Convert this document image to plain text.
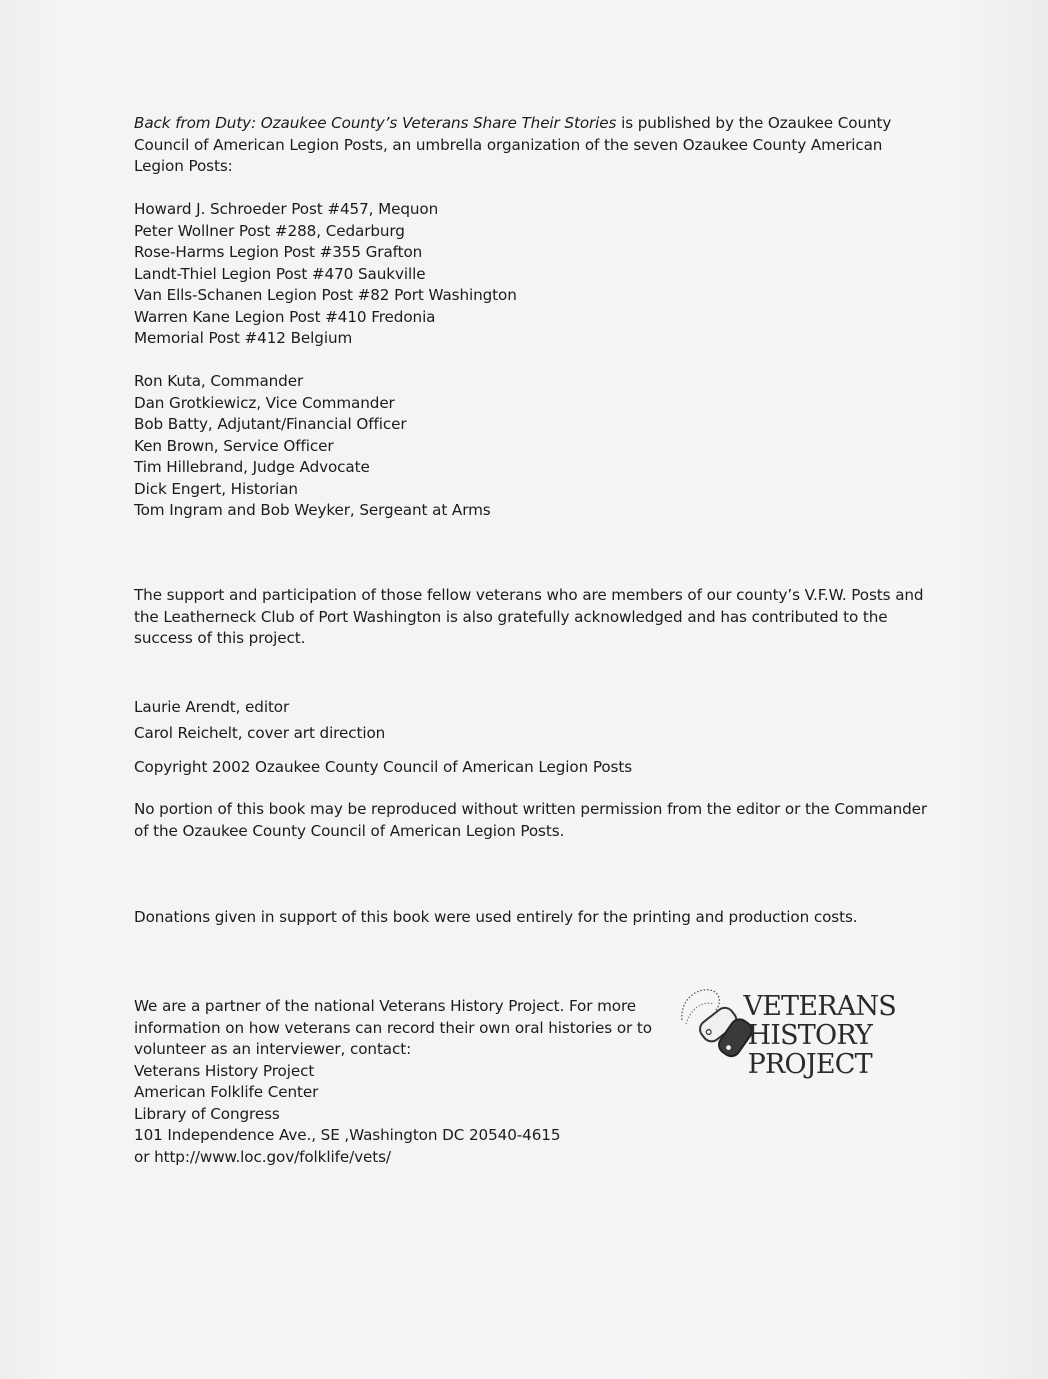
Back from Duty: Ozaukee County’s Veterans Share Their Stories is published by the Ozaukee County Council of American Legion Posts, an umbrella organization of the seven Ozaukee County American Legion Posts:

Howard J. Schroeder Post #457, Mequon

Peter Wollner Post #288, Cedarburg

Rose-Harms Legion Post #355 Grafton

Landt-Thiel Legion Post #470 Saukville

Van Ells-Schanen Legion Post #82 Port Washington

Warren Kane Legion Post #410 Fredonia

Memorial Post #412 Belgium

Ron Kuta, Commander

Dan Grotkiewicz, Vice Commander

Bob Batty, Adjutant/Financial Officer

Ken Brown, Service Officer

Tim Hillebrand, Judge Advocate

Dick Engert, Historian

Tom Ingram and Bob Weyker, Sergeant at Arms

The support and participation of those fellow veterans who are members of our county’s V.F.W. Posts and the Leatherneck Club of Port Washington is also gratefully acknowledged and has contributed to the success of this project.

Laurie Arendt, editor

Carol Reichelt, cover art direction

Copyright 2002 Ozaukee County Council of American Legion Posts

No portion of this book may be reproduced without written permission from the editor or the Commander of the Ozaukee County Council of American Legion Posts.

Donations given in support of this book were used entirely for the printing and production costs.

We are a partner of the national Veterans History Project. For more

information on how veterans can record their own oral histories or to

volunteer as an interviewer, contact:

Veterans History Project

American Folklife Center

Library of Congress

101 Independence Ave., SE ,Washington DC 20540-4615

or http://www.loc.gov/folklife/vets/

VETERANS
HISTORY
PROJECT
